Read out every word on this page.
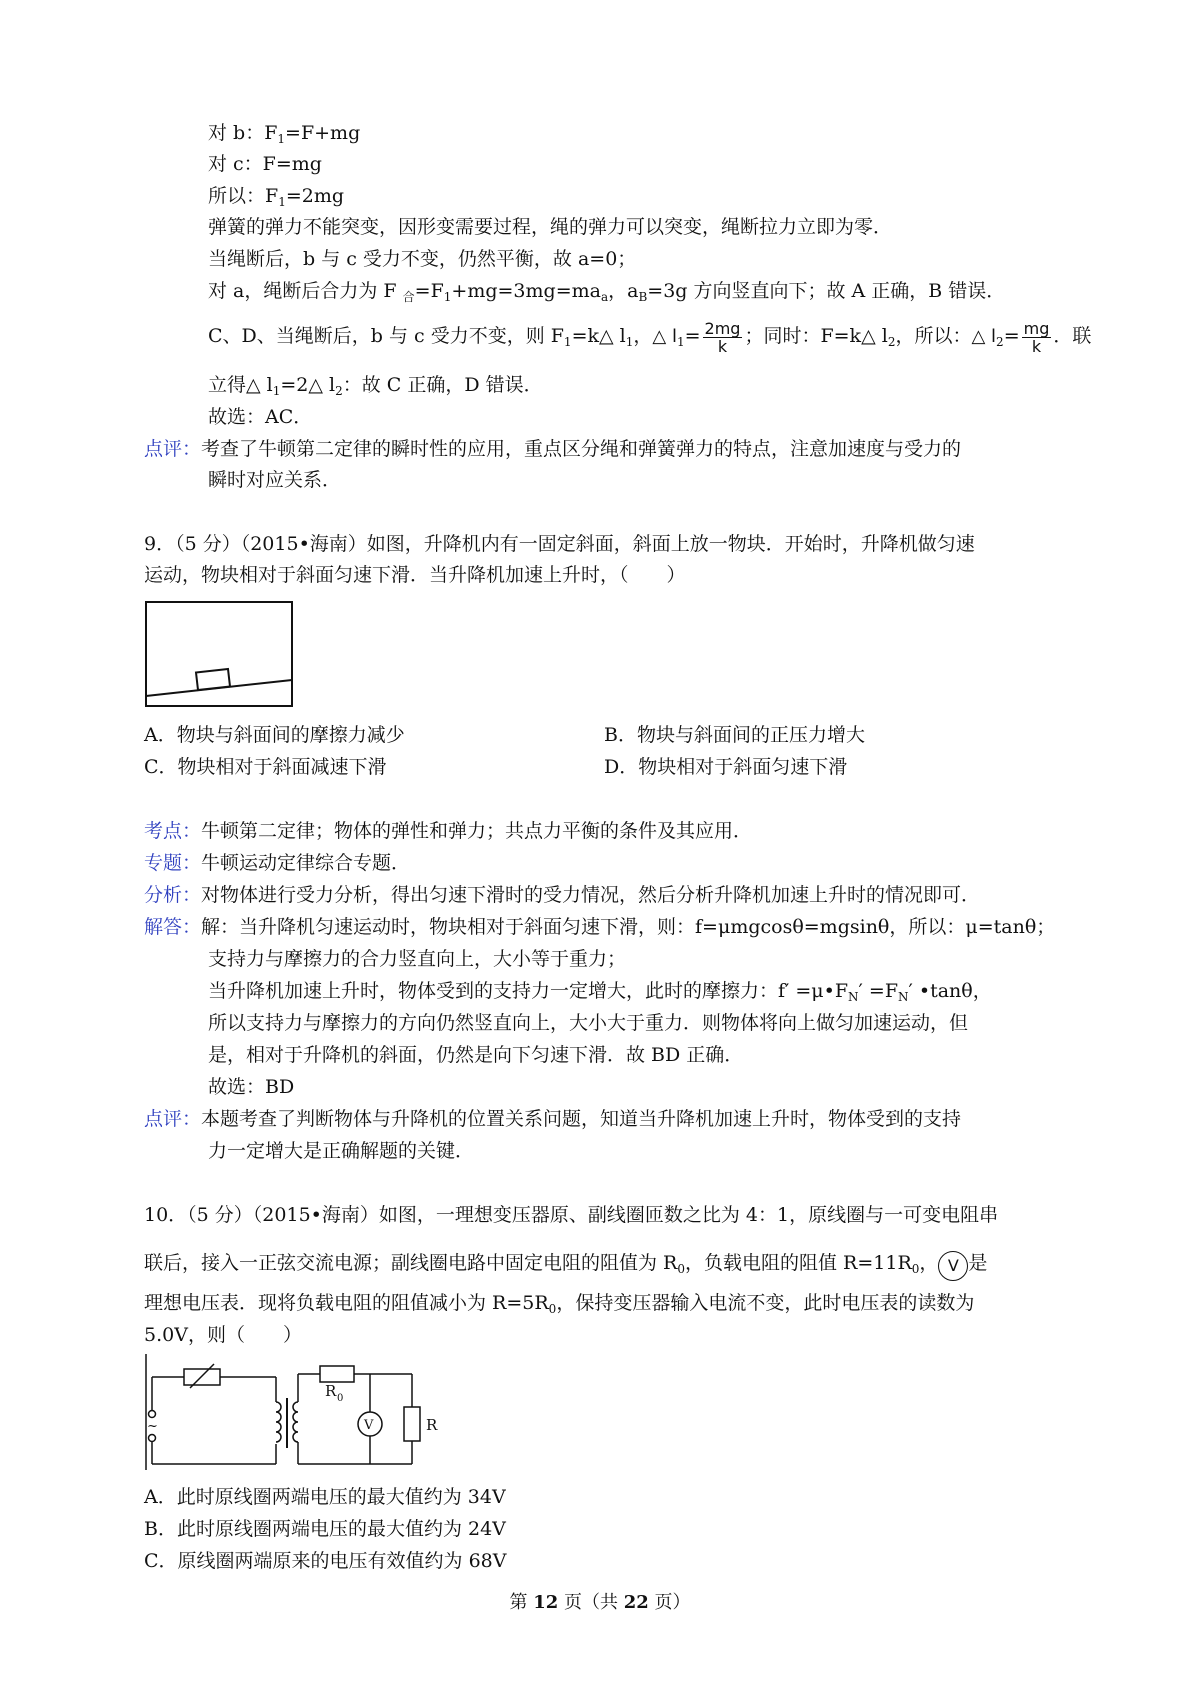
对 b：$F_1=F+mg$
对 c：F=mg
所以：$F_1=2mg$
弹簧的弹力不能突变，因形变需要过程，绳的弹力可以突变，绳断拉力立即为零．
当绳断后，b 与 c 受力不变，仍然平衡，故 a=0；
对 a，绳断后合力为 F $_合=F_1+mg=3mg=ma_a$，$a_B=3g$ 方向竖直向下；故 A 正确，B 错误．
C、D、当绳断后，b 与 c 受力不变，则 $F_1=k\triangle$ $l_1$，△ $l_1= \frac{2mg}{k}$ ；同时：F=k△ $l_2$，所以：△ $l_2= \frac{mg}{k}$ ．联
立得△ $l_1=2\triangle$ $l_2$：故 C 正确，D 错误．
故选：AC．
点评：考查了牛顿第二定律的瞬时性的应用，重点区分绳和弹簧弹力的特点，注意加速度与受力的
瞬时对应关系．
9．（5 分）（2015•海南）如图，升降机内有一固定斜面，斜面上放一物块．开始时，升降机做匀速
运动，物块相对于斜面匀速下滑．当升降机加速上升时，（　　）
A．物块与斜面间的摩擦力减少	B．物块与斜面间的正压力增大
C．物块相对于斜面减速下滑	D．物块相对于斜面匀速下滑
考点：牛顿第二定律；物体的弹性和弹力；共点力平衡的条件及其应用．
专题：牛顿运动定律综合专题．
分析：对物体进行受力分析，得出匀速下滑时的受力情况，然后分析升降机加速上升时的情况即可．
解答：解：当升降机匀速运动时，物块相对于斜面匀速下滑，则：f=μmgcosθ=mgsinθ，所以：μ=tanθ；
支持力与摩擦力的合力竖直向上，大小等于重力；
当升降机加速上升时，物体受到的支持力一定增大，此时的摩擦力：$f' =\mu•F_N' =F_N'$ •tanθ，
所以支持力与摩擦力的方向仍然竖直向上，大小大于重力．则物体将向上做匀加速运动，但
是，相对于升降机的斜面，仍然是向下匀速下滑．故 BD 正确．
故选：BD
点评：本题考查了判断物体与升降机的位置关系问题，知道当升降机加速上升时，物体受到的支持
力一定增大是正确解题的关键．
10．（5 分）（2015•海南）如图，一理想变压器原、副线圈匝数之比为 4：1，原线圈与一可变电阻串
联后，接入一正弦交流电源；副线圈电路中固定电阻的阻值为 $R_0$，负载电阻的阻值 $R=11R_0$， V 是
理想电压表．现将负载电阻的阻值减小为 $R=5R_0$，保持变压器输入电流不变，此时电压表的读数为
5.0V，则（　　）
~
R 0
V	R
A．此时原线圈两端电压的最大值约为 34V
B．此时原线圈两端电压的最大值约为 24V
C．原线圈两端原来的电压有效值约为 68V
第 12 页（共 22 页）
